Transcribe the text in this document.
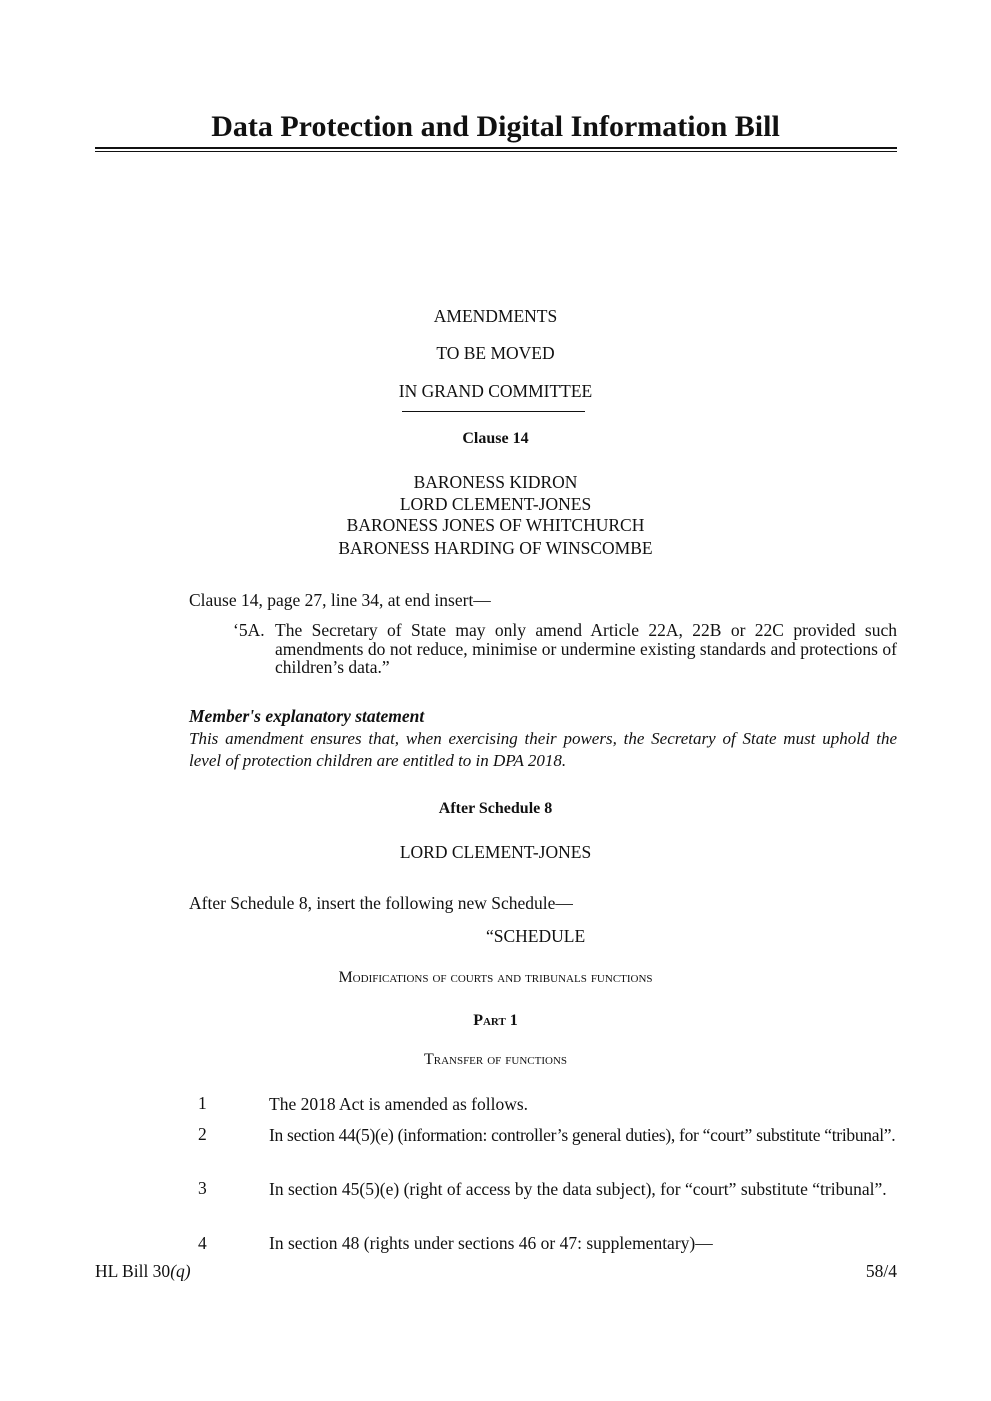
Data Protection and Digital Information Bill
AMENDMENTS
TO BE MOVED
IN GRAND COMMITTEE
Clause 14
BARONESS KIDRON
LORD CLEMENT-JONES
BARONESS JONES OF WHITCHURCH
BARONESS HARDING OF WINSCOMBE
Clause 14, page 27, line 34, at end insert—
‘5A. The Secretary of State may only amend Article 22A, 22B or 22C provided such amendments do not reduce, minimise or undermine existing standards and protections of children’s data.”
Member's explanatory statement
This amendment ensures that, when exercising their powers, the Secretary of State must uphold the level of protection children are entitled to in DPA 2018.
After Schedule 8
LORD CLEMENT-JONES
After Schedule 8, insert the following new Schedule—
“SCHEDULE
Modifications of courts and tribunals functions
Part 1
Transfer of functions
1	The 2018 Act is amended as follows.
2	In section 44(5)(e) (information: controller’s general duties), for “court” substitute “tribunal”.
3	In section 45(5)(e) (right of access by the data subject), for “court” substitute “tribunal”.
4	In section 48 (rights under sections 46 or 47: supplementary)—
HL Bill 30(q)	58/4
